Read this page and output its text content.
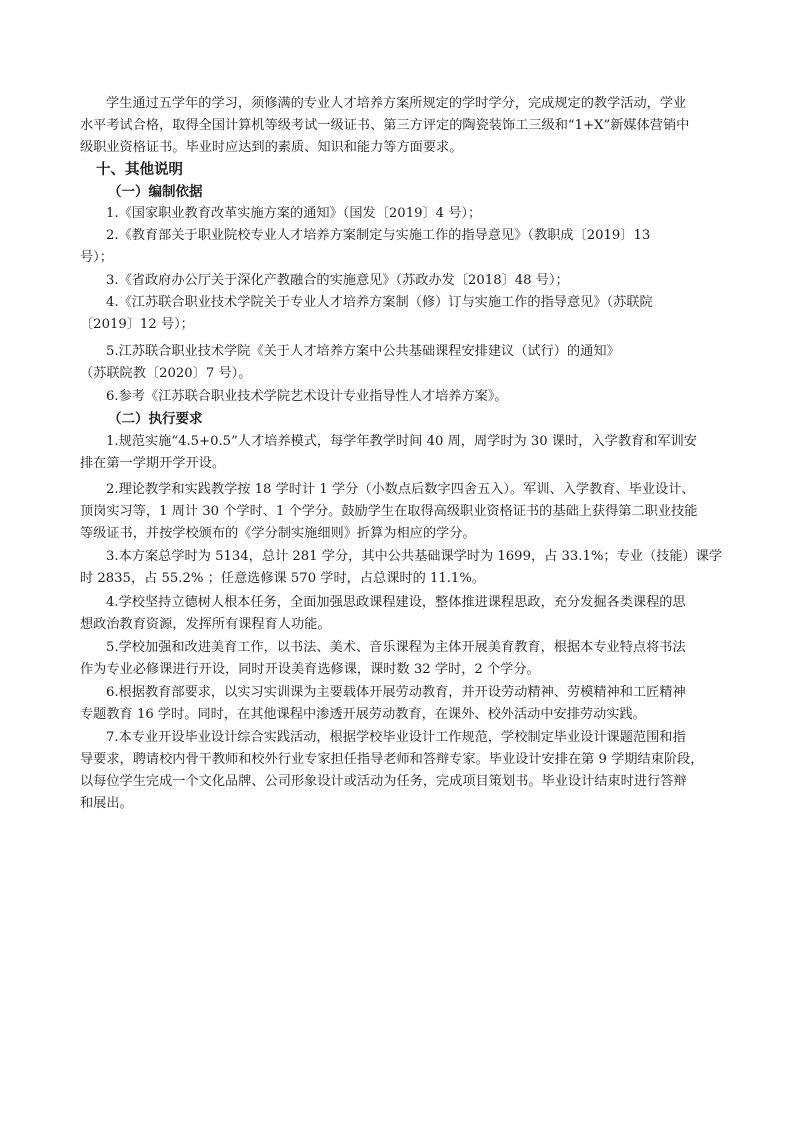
学生通过五学年的学习，须修满的专业人才培养方案所规定的学时学分，完成规定的教学活动，学业
水平考试合格，取得全国计算机等级考试一级证书、第三方评定的陶瓷装饰工三级和“1+X”新媒体营销中
级职业资格证书。毕业时应达到的素质、知识和能力等方面要求。
十、其他说明
（一）编制依据
1.《国家职业教育改革实施方案的通知》（国发〔2019〕4 号）；
2.《教育部关于职业院校专业人才培养方案制定与实施工作的指导意见》（教职成〔2019〕13
号）；
3.《省政府办公厅关于深化产教融合的实施意见》（苏政办发〔2018〕48 号）；
4.《江苏联合职业技术学院关于专业人才培养方案制（修）订与实施工作的指导意见》（苏联院
〔2019〕12 号）；
5.江苏联合职业技术学院《关于人才培养方案中公共基础课程安排建议（试行）的通知》
（苏联院教〔2020〕7 号）。
6.参考《江苏联合职业技术学院艺术设计专业指导性人才培养方案》。
（二）执行要求
1.规范实施“4.5+0.5”人才培养模式，每学年教学时间 40 周，周学时为 30 课时，入学教育和军训安
排在第一学期开学开设。
2.理论教学和实践教学按 18 学时计 1 学分（小数点后数字四舍五入）。军训、入学教育、毕业设计、
顶岗实习等，1 周计 30 个学时、1 个学分。鼓励学生在取得高级职业资格证书的基础上获得第二职业技能
等级证书，并按学校颁布的《学分制实施细则》折算为相应的学分。
3.本方案总学时为 5134，总计 281 学分，其中公共基础课学时为 1699，占 33.1%；专业（技能）课学
时 2835，占 55.2% ；任意选修课 570 学时，占总课时的 11.1%。
4.学校坚持立德树人根本任务，全面加强思政课程建设，整体推进课程思政，充分发掘各类课程的思
想政治教育资源，发挥所有课程育人功能。
5.学校加强和改进美育工作，以书法、美术、音乐课程为主体开展美育教育，根据本专业特点将书法
作为专业必修课进行开设，同时开设美育选修课，课时数 32 学时，2 个学分。
6.根据教育部要求，以实习实训课为主要载体开展劳动教育，并开设劳动精神、劳模精神和工匠精神
专题教育 16 学时。同时，在其他课程中渗透开展劳动教育，在课外、校外活动中安排劳动实践。
7.本专业开设毕业设计综合实践活动，根据学校毕业设计工作规范，学校制定毕业设计课题范围和指
导要求，聘请校内骨干教师和校外行业专家担任指导老师和答辩专家。毕业设计安排在第 9 学期结束阶段，
以每位学生完成一个文化品牌、公司形象设计或活动为任务，完成项目策划书。毕业设计结束时进行答辩
和展出。
